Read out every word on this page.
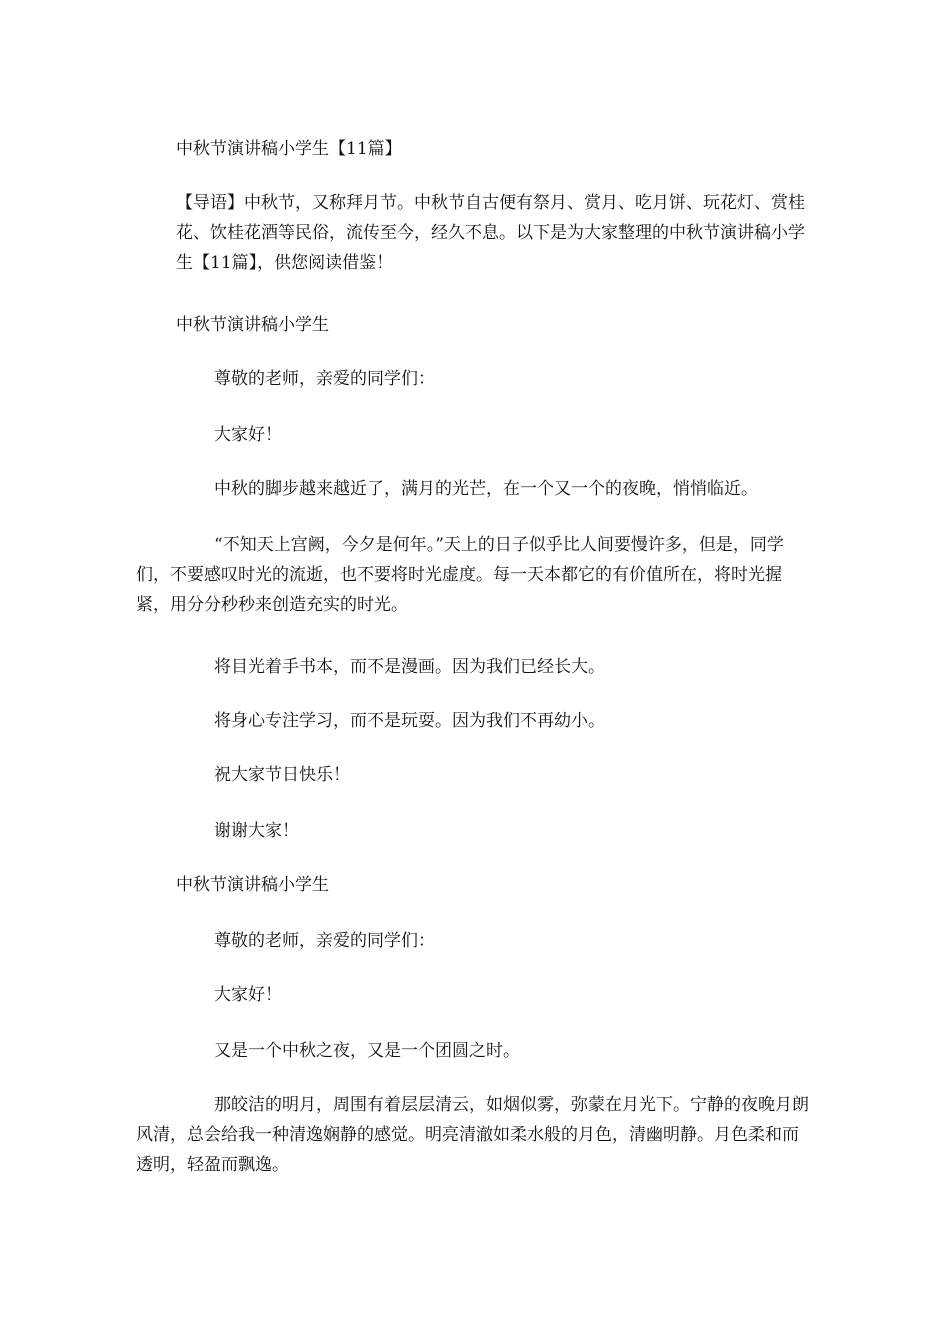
中秋节演讲稿小学生【11篇】

【导语】中秋节，又称拜月节。中秋节自古便有祭月、赏月、吃月饼、玩花灯、赏桂花、饮桂花酒等民俗，流传至今，经久不息。以下是为大家整理的中秋节演讲稿小学生【11篇】，供您阅读借鉴！

中秋节演讲稿小学生

尊敬的老师，亲爱的同学们：

大家好！

中秋的脚步越来越近了，满月的光芒，在一个又一个的夜晚，悄悄临近。

“不知天上宫阙，今夕是何年。”天上的日子似乎比人间要慢许多，但是，同学们，不要感叹时光的流逝，也不要将时光虚度。每一天本都它的有价值所在，将时光握紧，用分分秒秒来创造充实的时光。

将目光着手书本，而不是漫画。因为我们已经长大。

将身心专注学习，而不是玩耍。因为我们不再幼小。

祝大家节日快乐！

谢谢大家！

中秋节演讲稿小学生

尊敬的老师，亲爱的同学们：

大家好！

又是一个中秋之夜，又是一个团圆之时。

那皎洁的明月，周围有着层层清云，如烟似雾，弥蒙在月光下。宁静的夜晚月朗风清，总会给我一种清逸娴静的感觉。明亮清澈如柔水般的月色，清幽明静。月色柔和而透明，轻盈而飘逸。
